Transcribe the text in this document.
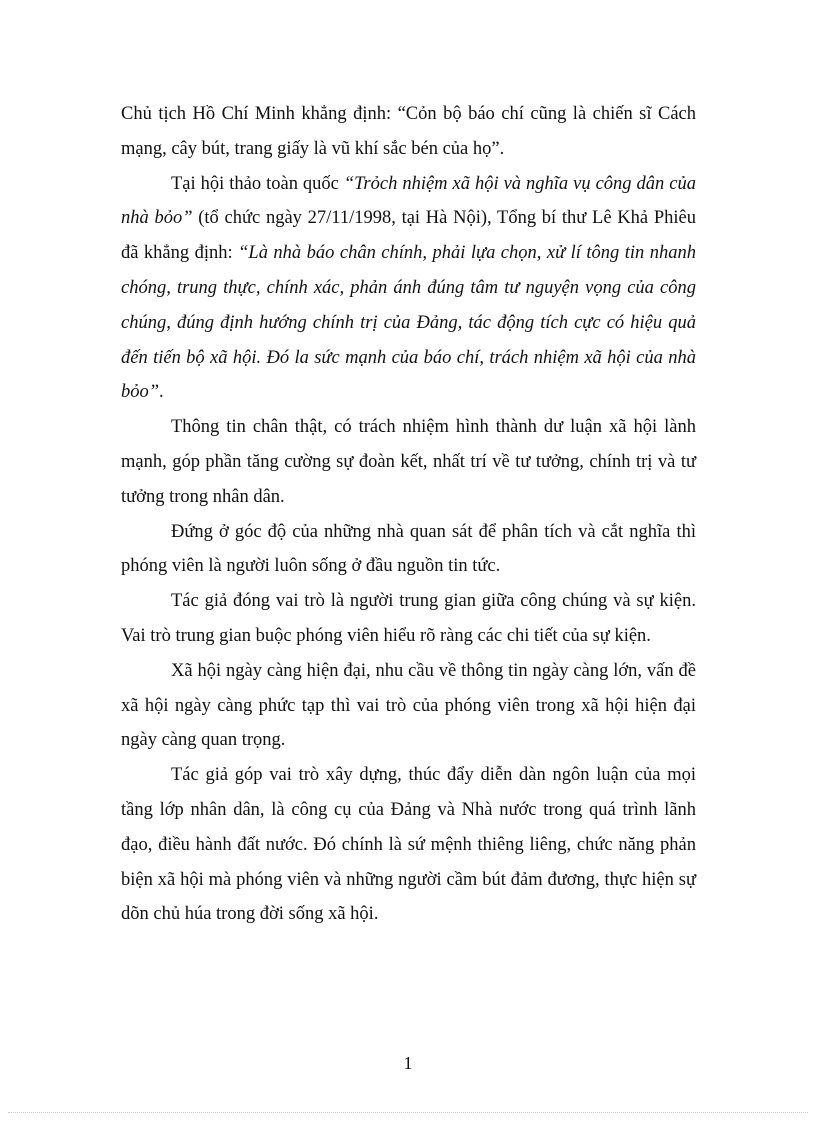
Chủ tịch Hồ Chí Minh khẳng định: “Cỏn bộ báo chí cũng là chiến sĩ Cách mạng, cây bút, trang giấy là vũ khí sắc bén của họ”.

Tại hội thảo toàn quốc “Trỏch nhiệm xã hội và nghĩa vụ công dân của nhà bỏo” (tổ chức ngày 27/11/1998, tại Hà Nội), Tổng bí thư Lê Khả Phiêu đã khẳng định: “Là nhà báo chân chính, phải lựa chọn, xử lí tông tin nhanh chóng, trung thực, chính xác, phản ánh đúng tâm tư nguyện vọng của công chúng, đúng định hướng chính trị của Đảng, tác động tích cực có hiệu quả đến tiến bộ xã hội. Đó la sức mạnh của báo chí, trách nhiệm xã hội của nhà bỏo”.

Thông tin chân thật, có trách nhiệm hình thành dư luận xã hội lành mạnh, góp phần tăng cường sự đoàn kết, nhất trí về tư tưởng, chính trị và tư tưởng trong nhân dân.

Đứng ở góc độ của những nhà quan sát để phân tích và cắt nghĩa thì phóng viên là người luôn sống ở đầu nguồn tin tức.

Tác giả đóng vai trò là người trung gian giữa công chúng và sự kiện. Vai trò trung gian buộc phóng viên hiểu rõ ràng các chi tiết của sự kiện.

Xã hội ngày càng hiện đại, nhu cầu về thông tin ngày càng lớn, vấn đề xã hội ngày càng phức tạp thì vai trò của phóng viên trong xã hội hiện đại ngày càng quan trọng.

Tác giả góp vai trò xây dựng, thúc đẩy diễn dàn ngôn luận của mọi tầng lớp nhân dân, là công cụ của Đảng và Nhà nước trong quá trình lãnh đạo, điều hành đất nước. Đó chính là sứ mệnh thiêng liêng, chức năng phản biện xã hội mà phóng viên và những người cầm bút đảm đương, thực hiện sự dõn chủ húa trong đời sống xã hội.

1
